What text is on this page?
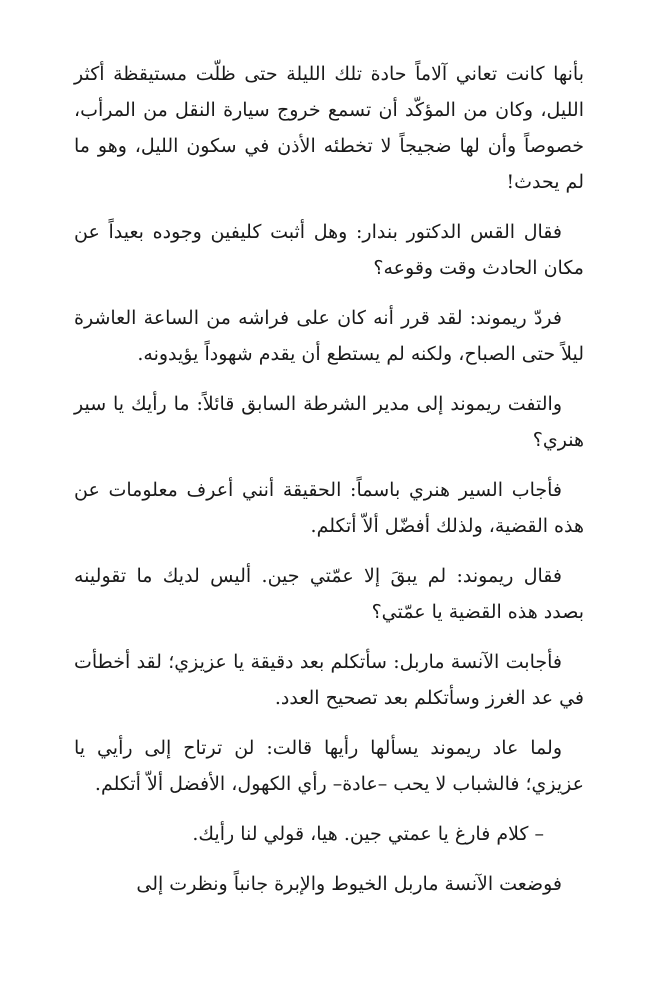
بأنها كانت تعاني آلاماً حادة تلك الليلة حتى ظلّت مستيقظة أكثر الليل، وكان من المؤكّد أن تسمع خروج سيارة النقل من المرأب، خصوصاً وأن لها ضجيجاً لا تخطئه الأذن في سكون الليل، وهو ما لم يحدث!

فقال القس الدكتور بندار: وهل أثبت كليفين وجوده بعيداً عن مكان الحادث وقت وقوعه؟

فردّ ريموند: لقد قرر أنه كان على فراشه من الساعة العاشرة ليلاً حتى الصباح، ولكنه لم يستطع أن يقدم شهوداً يؤيدونه.

والتفت ريموند إلى مدير الشرطة السابق قائلاً: ما رأيك يا سير هنري؟

فأجاب السير هنري باسماً: الحقيقة أنني أعرف معلومات عن هذه القضية، ولذلك أفضّل ألاّ أتكلم.

فقال ريموند: لم يبقَ إلا عمّتي جين. أليس لديك ما تقولينه بصدد هذه القضية يا عمّتي؟

فأجابت الآنسة ماربل: سأتكلم بعد دقيقة يا عزيزي؛ لقد أخطأت في عد الغرز وسأتكلم بعد تصحيح العدد.

ولما عاد ريموند يسألها رأيها قالت: لن ترتاح إلى رأيي يا عزيزي؛ فالشباب لا يحب –عادة– رأي الكهول، الأفضل ألاّ أتكلم.

– كلام فارغ يا عمتي جين. هيا، قولي لنا رأيك.

فوضعت الآنسة ماربل الخيوط والإبرة جانباً ونظرت إلى
